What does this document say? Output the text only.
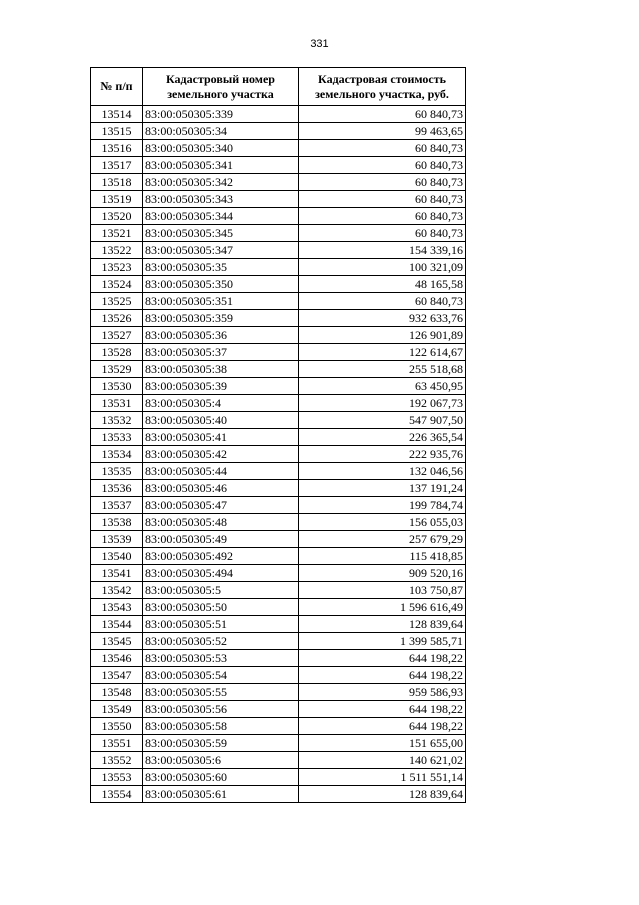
331
№ п/п	Кадастровый номер земельного участка	Кадастровая стоимость земельного участка, руб.
13514	83:00:050305:339	60 840,73
13515	83:00:050305:34	99 463,65
13516	83:00:050305:340	60 840,73
13517	83:00:050305:341	60 840,73
13518	83:00:050305:342	60 840,73
13519	83:00:050305:343	60 840,73
13520	83:00:050305:344	60 840,73
13521	83:00:050305:345	60 840,73
13522	83:00:050305:347	154 339,16
13523	83:00:050305:35	100 321,09
13524	83:00:050305:350	48 165,58
13525	83:00:050305:351	60 840,73
13526	83:00:050305:359	932 633,76
13527	83:00:050305:36	126 901,89
13528	83:00:050305:37	122 614,67
13529	83:00:050305:38	255 518,68
13530	83:00:050305:39	63 450,95
13531	83:00:050305:4	192 067,73
13532	83:00:050305:40	547 907,50
13533	83:00:050305:41	226 365,54
13534	83:00:050305:42	222 935,76
13535	83:00:050305:44	132 046,56
13536	83:00:050305:46	137 191,24
13537	83:00:050305:47	199 784,74
13538	83:00:050305:48	156 055,03
13539	83:00:050305:49	257 679,29
13540	83:00:050305:492	115 418,85
13541	83:00:050305:494	909 520,16
13542	83:00:050305:5	103 750,87
13543	83:00:050305:50	1 596 616,49
13544	83:00:050305:51	128 839,64
13545	83:00:050305:52	1 399 585,71
13546	83:00:050305:53	644 198,22
13547	83:00:050305:54	644 198,22
13548	83:00:050305:55	959 586,93
13549	83:00:050305:56	644 198,22
13550	83:00:050305:58	644 198,22
13551	83:00:050305:59	151 655,00
13552	83:00:050305:6	140 621,02
13553	83:00:050305:60	1 511 551,14
13554	83:00:050305:61	128 839,64
